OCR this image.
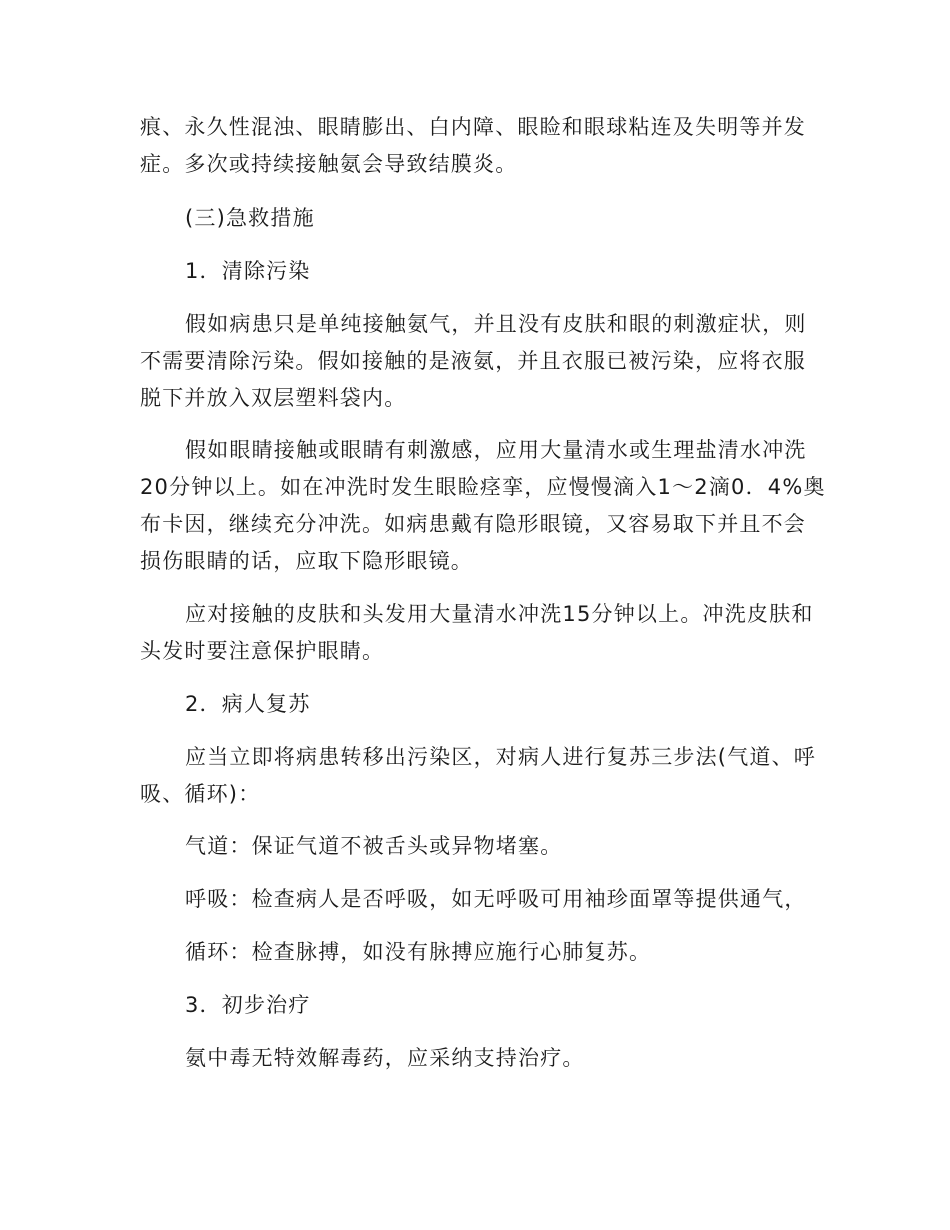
痕、永久性混浊、眼睛膨出、白内障、眼睑和眼球粘连及失明等并发
症。多次或持续接触氨会导致结膜炎。
(三)急救措施
1．清除污染
假如病患只是单纯接触氨气，并且没有皮肤和眼的刺激症状，则
不需要清除污染。假如接触的是液氨，并且衣服已被污染，应将衣服
脱下并放入双层塑料袋内。
假如眼睛接触或眼睛有刺激感，应用大量清水或生理盐清水冲洗
20分钟以上。如在冲洗时发生眼睑痉挛，应慢慢滴入1～2滴0．4%奥
布卡因，继续充分冲洗。如病患戴有隐形眼镜，又容易取下并且不会
损伤眼睛的话，应取下隐形眼镜。
应对接触的皮肤和头发用大量清水冲洗15分钟以上。冲洗皮肤和
头发时要注意保护眼睛。
2．病人复苏
应当立即将病患转移出污染区，对病人进行复苏三步法(气道、呼
吸、循环)：
气道：保证气道不被舌头或异物堵塞。
呼吸：检查病人是否呼吸，如无呼吸可用袖珍面罩等提供通气，
循环：检查脉搏，如没有脉搏应施行心肺复苏。
3．初步治疗
氨中毒无特效解毒药，应采纳支持治疗。
